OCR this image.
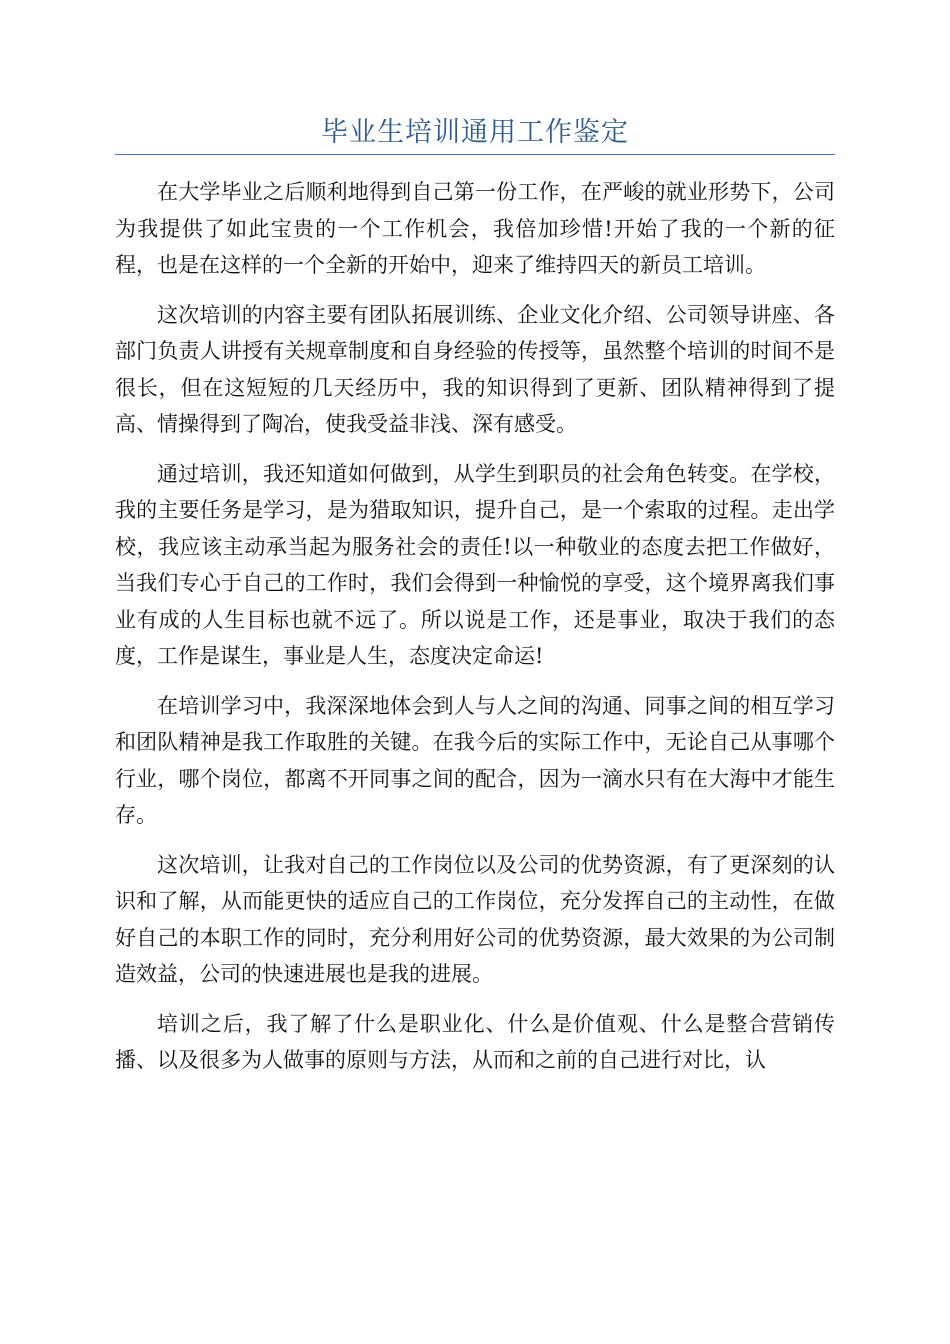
毕业生培训通用工作鉴定

在大学毕业之后顺利地得到自己第一份工作，在严峻的就业形势下，公司为我提供了如此宝贵的一个工作机会，我倍加珍惜!开始了我的一个新的征程，也是在这样的一个全新的开始中，迎来了维持四天的新员工培训。

这次培训的内容主要有团队拓展训练、企业文化介绍、公司领导讲座、各部门负责人讲授有关规章制度和自身经验的传授等，虽然整个培训的时间不是很长，但在这短短的几天经历中，我的知识得到了更新、团队精神得到了提高、情操得到了陶冶，使我受益非浅、深有感受。

通过培训，我还知道如何做到，从学生到职员的社会角色转变。在学校，我的主要任务是学习，是为猎取知识，提升自己，是一个索取的过程。走出学校，我应该主动承当起为服务社会的责任!以一种敬业的态度去把工作做好，当我们专心于自己的工作时，我们会得到一种愉悦的享受，这个境界离我们事业有成的人生目标也就不远了。所以说是工作，还是事业，取决于我们的态度，工作是谋生，事业是人生，态度决定命运!

在培训学习中，我深深地体会到人与人之间的沟通、同事之间的相互学习和团队精神是我工作取胜的关键。在我今后的实际工作中，无论自己从事哪个行业，哪个岗位，都离不开同事之间的配合，因为一滴水只有在大海中才能生存。

这次培训，让我对自己的工作岗位以及公司的优势资源，有了更深刻的认识和了解，从而能更快的适应自己的工作岗位，充分发挥自己的主动性，在做好自己的本职工作的同时，充分利用好公司的优势资源，最大效果的为公司制造效益，公司的快速进展也是我的进展。

培训之后，我了解了什么是职业化、什么是价值观、什么是整合营销传播、以及很多为人做事的原则与方法，从而和之前的自己进行对比，认
